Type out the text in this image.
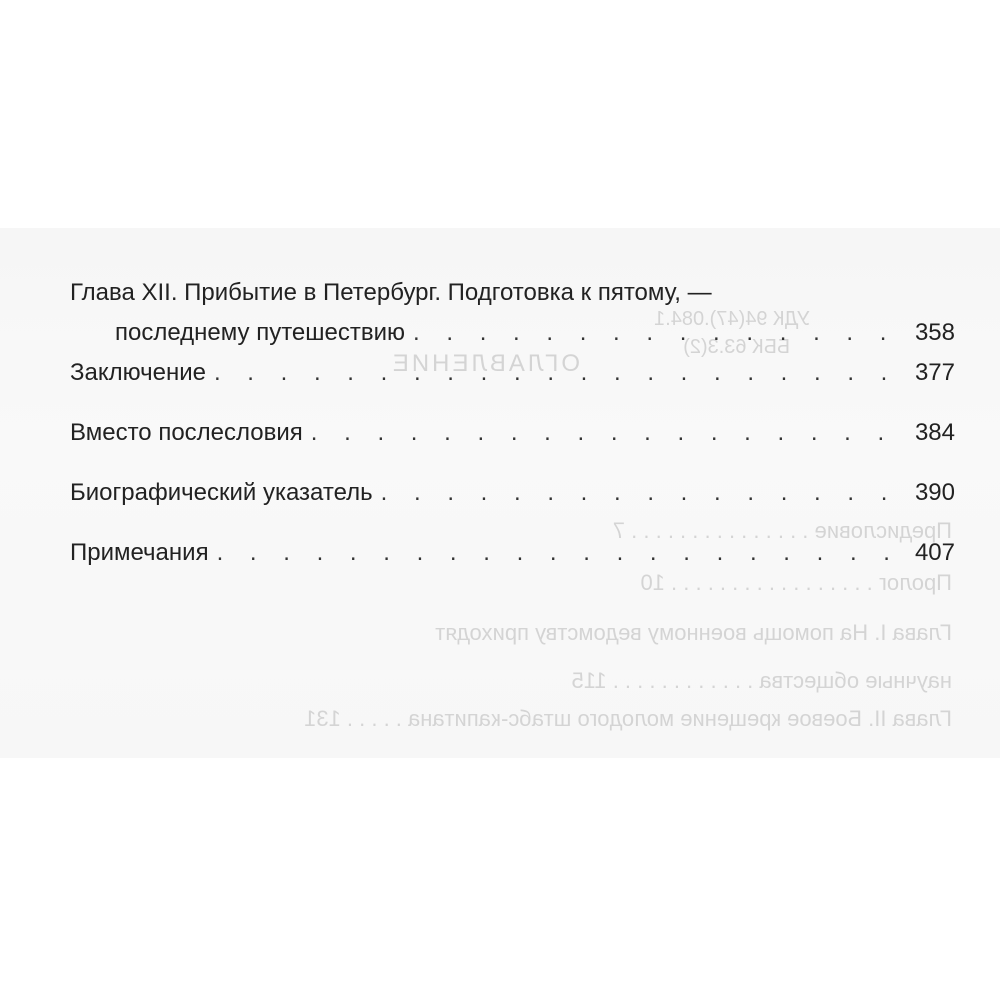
УДК 94(47).084.1
ББК 63.3(2)
ОГЛАВЛЕНИЕ
Предисловие . . . . . . . . . . . . . . . 7
Пролог . . . . . . . . . . . . . . . . . 10
Глава I. На помощь военному ведомству приходят
научные общества . . . . . . . . . . . . 115
Глава II. Боевое крещение молодого штабс-капитана . . . . . 131
Глава XII. Прибытие в Петербург. Подготовка к пятому, —
последнему путешествию . . .	358
Заключение . . .	377
Вместо послесловия . . .	384
Биографический указатель . . .	390
Примечания . . .	407
